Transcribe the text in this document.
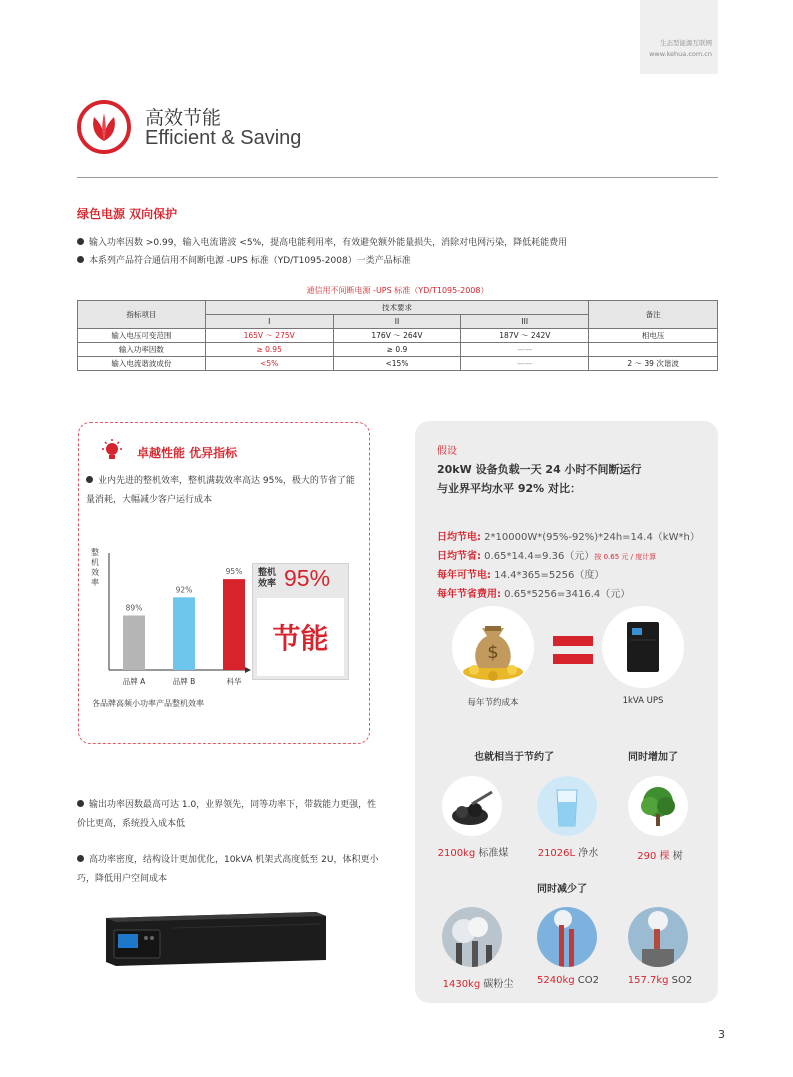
生态型能源互联网
www.kehua.com.cn
高效节能
Efficient & Saving
绿色电源 双向保护
输入功率因数 >0.99，输入电流谐波 <5%，提高电能利用率，有效避免额外能量损失，消除对电网污染，降低耗能费用
本系列产品符合通信用不间断电源 -UPS 标准（YD/T1095-2008）一类产品标准
通信用不间断电源 -UPS 标准（YD/T1095-2008）
指标项目	技术要求			备注
	I	II	III	
输入电压可变范围	165V ～ 275V	176V ～ 264V	187V ～ 242V	相电压
输入功率因数	≥ 0.95	≥ 0.9	——	
输入电流谐波成份	<5%	<15%	——	2 ～ 39 次谐波
卓越性能 优异指标
业内先进的整机效率，整机满载效率高达 95%，极大的节省了能量消耗，大幅减少客户运行成本
整
机
效
率
89%
品牌 A
92%
品牌 B
95%
科华
各品牌高频小功率产品整机效率
整机效率 95%
节能
假设
20kW 设备负载一天 24 小时不间断运行
与业界平均水平 92% 对比：
日均节电: 2*10000W*(95%-92%)*24h=14.4（kW*h）
日均节省: 0.65*14.4=9.36（元）按 0.65 元 / 度计算
每年可节电: 14.4*365=5256（度）
每年节省费用: 0.65*5256=3416.4（元）
$
每年节约成本	1kVA UPS
也就相当于节约了	同时增加了
2100kg 标准煤	21026L 净水	290 棵 树
同时减少了
1430kg 碳粉尘	5240kg CO2	157.7kg SO2
输出功率因数最高可达 1.0，业界领先，同等功率下，带载能力更强，性价比更高，系统投入成本低
高功率密度，结构设计更加优化，10kVA 机架式高度低至 2U，体积更小巧，降低用户空间成本
3
